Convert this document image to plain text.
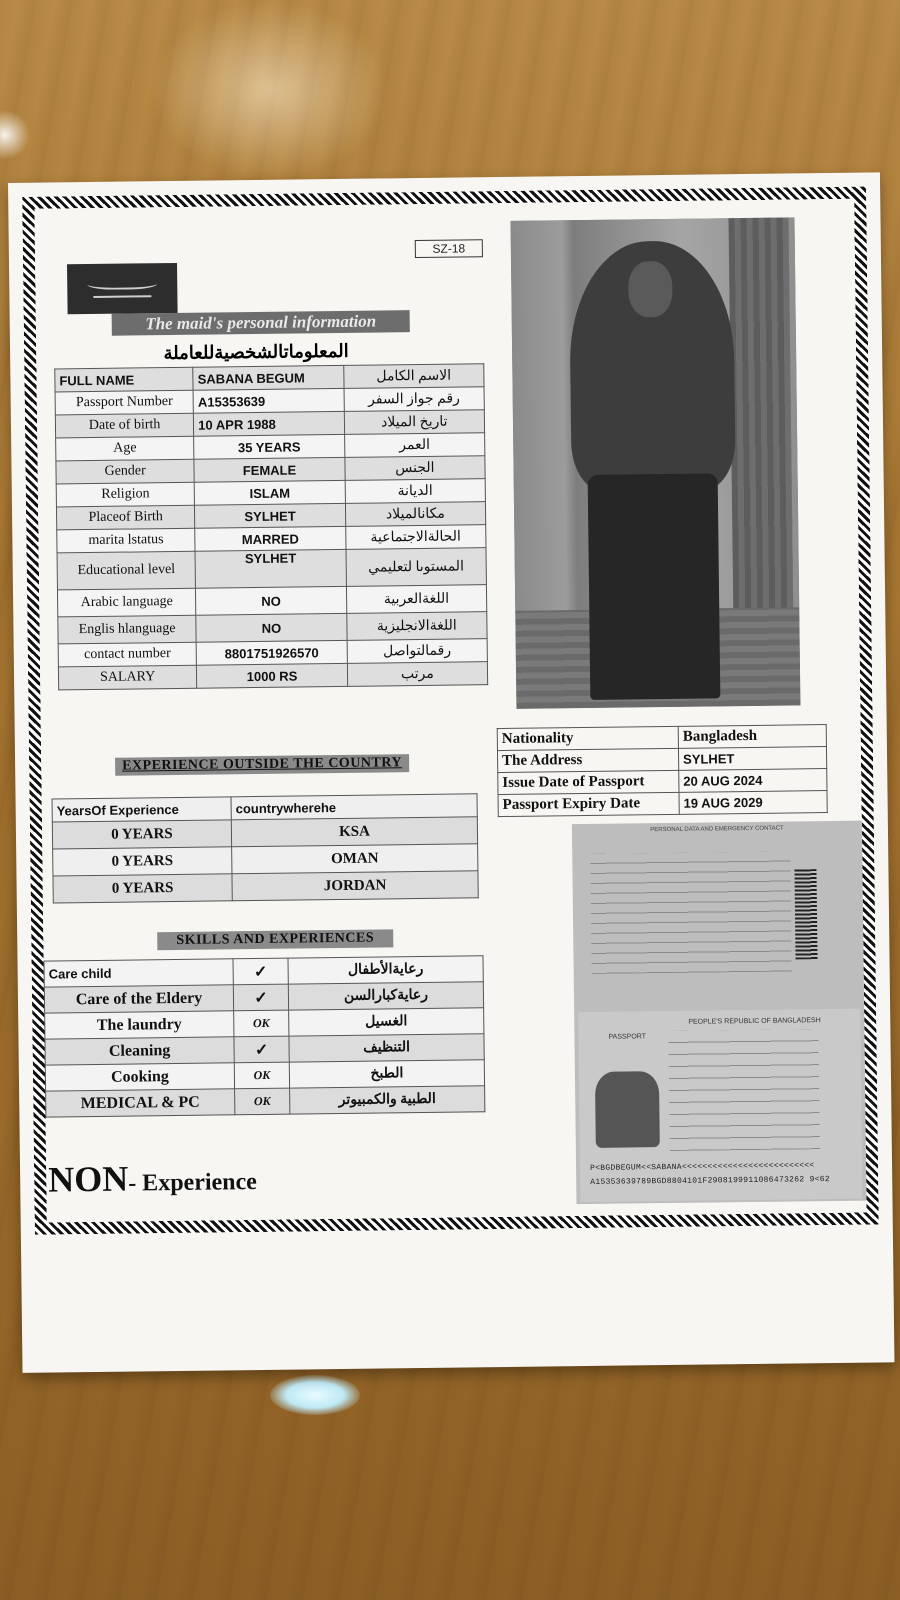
SZ-18
The maid's personal information
المعلوماتالشخصيةللعاملة
FULL NAME	SABANA BEGUM	الاسم الكامل
Passport Number	A15353639	رقم جواز السفر
Date of birth	10 APR 1988	تاريخ الميلاد
Age	35 YEARS	العمر
Gender	FEMALE	الجنس
Religion	ISLAM	الديانة
Placeof Birth	SYLHET	مكانالميلاد
marita lstatus	MARRED	الحالةالاجتماعية
Educational level	SYLHET	المستوىا لتعليمي
Arabic language	NO	اللغةالعربية
Englis hlanguage	NO	اللغةالانجليزية
contact number	8801751926570	رقمالتواصل
SALARY	1000 RS	مرتب
Nationality	Bangladesh
The Address	SYLHET
Issue Date of Passport	20 AUG 2024
Passport Expiry Date	19 AUG 2029
EXPERIENCE OUTSIDE THE COUNTRY
YearsOf Experience	countrywherehe
0 YEARS	KSA
0 YEARS	OMAN
0 YEARS	JORDAN
SKILLS AND EXPERIENCES
Care child	✓	رعايةالأطفال
Care of the Eldery	✓	رعايةكبارالسن
The laundry	OK	الغسيل
Cleaning	✓	التنظيف
Cooking	OK	الطبخ
MEDICAL & PC	OK	الطبية والكمبيوتر
NON- Experience
PERSONAL DATA AND EMERGENCY CONTACT
PASSPORT
PEOPLE'S REPUBLIC OF BANGLADESH
P<BGDBEGUM<<SABANA<<<<<<<<<<<<<<<<<<<<<<<<<<
A15353639789BGD8804101F2908199911086473262 9<62
